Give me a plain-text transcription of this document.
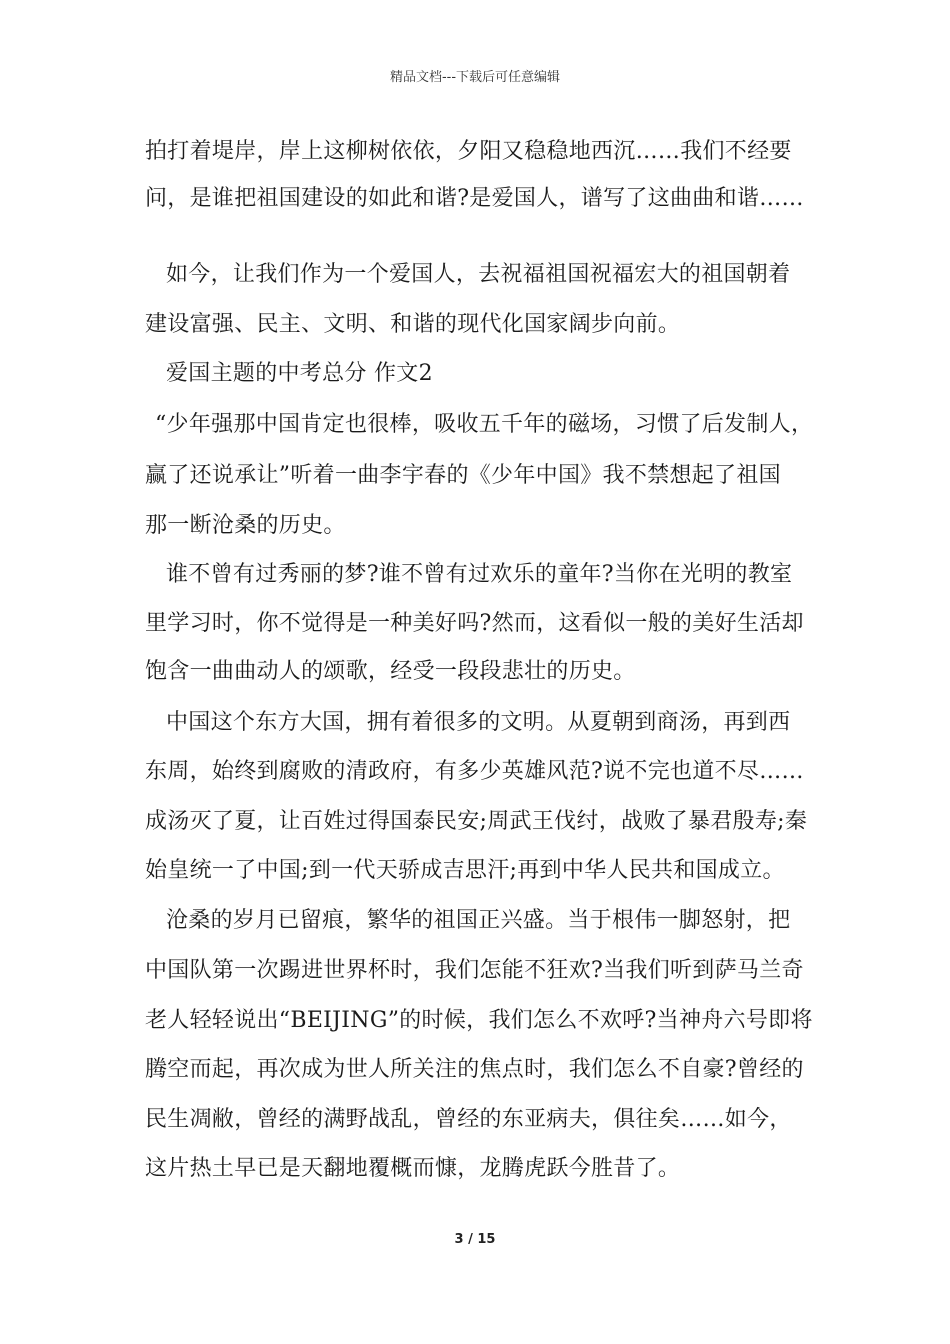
精品文档---下载后可任意编辑
拍打着堤岸，岸上这柳树依依，夕阳又稳稳地西沉……我们不经要
问，是谁把祖国建设的如此和谐?是爱国人，谱写了这曲曲和谐……
如今，让我们作为一个爱国人，去祝福祖国祝福宏大的祖国朝着
建设富强、民主、文明、和谐的现代化国家阔步向前。
爱国主题的中考总分 作文2
“少年强那中国肯定也很棒，吸收五千年的磁场，习惯了后发制人，
赢了还说承让”听着一曲李宇春的《少年中国》我不禁想起了祖国
那一断沧桑的历史。
谁不曾有过秀丽的梦?谁不曾有过欢乐的童年?当你在光明的教室
里学习时，你不觉得是一种美好吗?然而，这看似一般的美好生活却
饱含一曲曲动人的颂歌，经受一段段悲壮的历史。
中国这个东方大国，拥有着很多的文明。从夏朝到商汤，再到西
东周，始终到腐败的清政府，有多少英雄风范?说不完也道不尽……
成汤灭了夏，让百姓过得国泰民安;周武王伐纣，战败了暴君殷寿;秦
始皇统一了中国;到一代天骄成吉思汗;再到中华人民共和国成立。
沧桑的岁月已留痕，繁华的祖国正兴盛。当于根伟一脚怒射，把
中国队第一次踢进世界杯时，我们怎能不狂欢?当我们听到萨马兰奇
老人轻轻说出“BEIJING”的时候，我们怎么不欢呼?当神舟六号即将
腾空而起，再次成为世人所关注的焦点时，我们怎么不自豪?曾经的
民生凋敝，曾经的满野战乱，曾经的东亚病夫，俱往矣……如今，
这片热土早已是天翻地覆概而慷，龙腾虎跃今胜昔了。
3 / 15
